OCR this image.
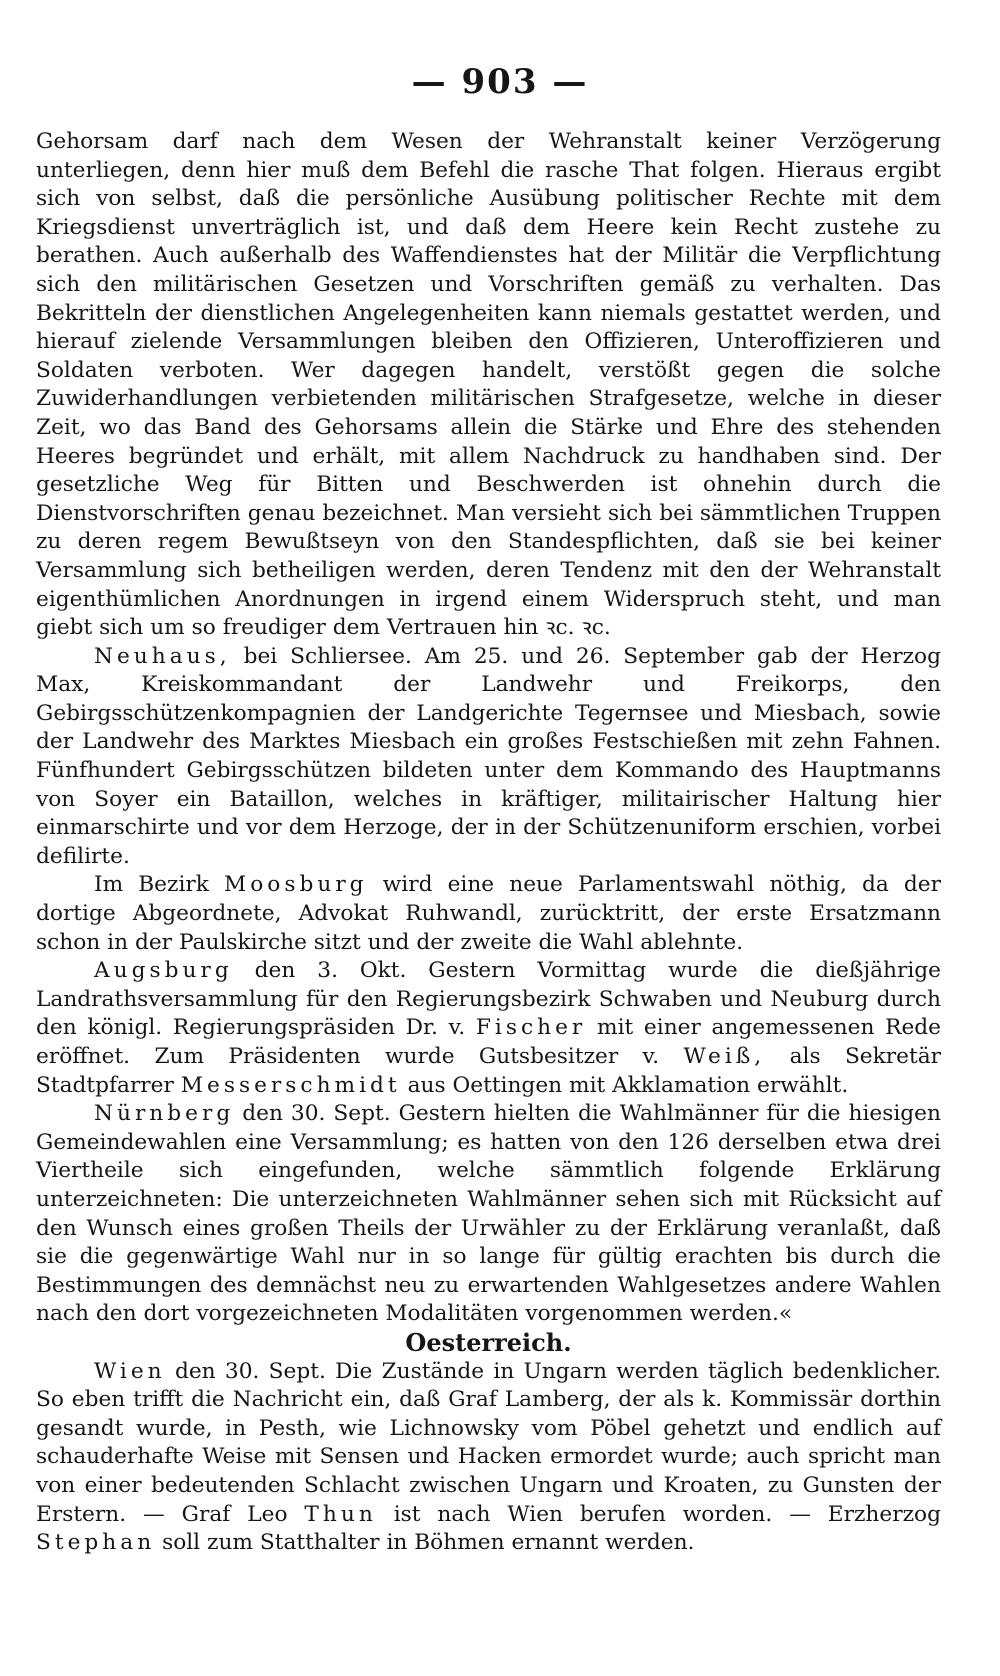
— 903 —

Gehorsam darf nach dem Wesen der Wehranstalt keiner Verzögerung unterliegen, denn hier muß dem Befehl die rasche That folgen. Hieraus ergibt sich von selbst, daß die persönliche Ausübung politischer Rechte mit dem Kriegsdienst unverträglich ist, und daß dem Heere kein Recht zustehe zu berathen. Auch außerhalb des Waffendienstes hat der Militär die Verpflichtung sich den militärischen Gesetzen und Vorschriften gemäß zu verhalten. Das Bekritteln der dienstlichen Angelegenheiten kann niemals gestattet werden, und hierauf zielende Versammlungen bleiben den Offizieren, Unteroffizieren und Soldaten verboten. Wer dagegen handelt, verstößt gegen die solche Zuwiderhandlungen verbietenden militärischen Strafgesetze, welche in dieser Zeit, wo das Band des Gehorsams allein die Stärke und Ehre des stehenden Heeres begründet und erhält, mit allem Nachdruck zu handhaben sind. Der gesetzliche Weg für Bitten und Beschwerden ist ohnehin durch die Dienstvorschriften genau bezeichnet. Man versieht sich bei sämmtlichen Truppen zu deren regem Bewußtseyn von den Standespflichten, daß sie bei keiner Versammlung sich betheiligen werden, deren Tendenz mit den der Wehranstalt eigenthümlichen Anordnungen in irgend einem Widerspruch steht, und man giebt sich um so freudiger dem Vertrauen hin ꝛc. ꝛc.

Neuhaus, bei Schliersee. Am 25. und 26. September gab der Herzog Max, Kreiskommandant der Landwehr und Freikorps, den Gebirgsschützenkompagnien der Landgerichte Tegernsee und Miesbach, sowie der Landwehr des Marktes Miesbach ein großes Festschießen mit zehn Fahnen. Fünfhundert Gebirgsschützen bildeten unter dem Kommando des Hauptmanns von Soyer ein Bataillon, welches in kräftiger, militairischer Haltung hier einmarschirte und vor dem Herzoge, der in der Schützenuniform erschien, vorbei defilirte.

Im Bezirk Moosburg wird eine neue Parlamentswahl nöthig, da der dortige Abgeordnete, Advokat Ruhwandl, zurücktritt, der erste Ersatzmann schon in der Paulskirche sitzt und der zweite die Wahl ablehnte.

Augsburg den 3. Okt. Gestern Vormittag wurde die dießjährige Landrathsversammlung für den Regierungsbezirk Schwaben und Neuburg durch den königl. Regierungspräsiden Dr. v. Fischer mit einer angemessenen Rede eröffnet. Zum Präsidenten wurde Gutsbesitzer v. Weiß, als Sekretär Stadtpfarrer Messerschmidt aus Oettingen mit Akklamation erwählt.

Nürnberg den 30. Sept. Gestern hielten die Wahlmänner für die hiesigen Gemeindewahlen eine Versammlung; es hatten von den 126 derselben etwa drei Viertheile sich eingefunden, welche sämmtlich folgende Erklärung unterzeichneten: Die unterzeichneten Wahlmänner sehen sich mit Rücksicht auf den Wunsch eines großen Theils der Urwähler zu der Erklärung veranlaßt, daß sie die gegenwärtige Wahl nur in so lange für gültig erachten bis durch die Bestimmungen des demnächst neu zu erwartenden Wahlgesetzes andere Wahlen nach den dort vorgezeichneten Modalitäten vorgenommen werden.«

Oesterreich.

Wien den 30. Sept. Die Zustände in Ungarn werden täglich bedenklicher. So eben trifft die Nachricht ein, daß Graf Lamberg, der als k. Kommissär dorthin gesandt wurde, in Pesth, wie Lichnowsky vom Pöbel gehetzt und endlich auf schauderhafte Weise mit Sensen und Hacken ermordet wurde; auch spricht man von einer bedeutenden Schlacht zwischen Ungarn und Kroaten, zu Gunsten der Erstern. — Graf Leo Thun ist nach Wien berufen worden. — Erzherzog Stephan soll zum Statthalter in Böhmen ernannt werden.
